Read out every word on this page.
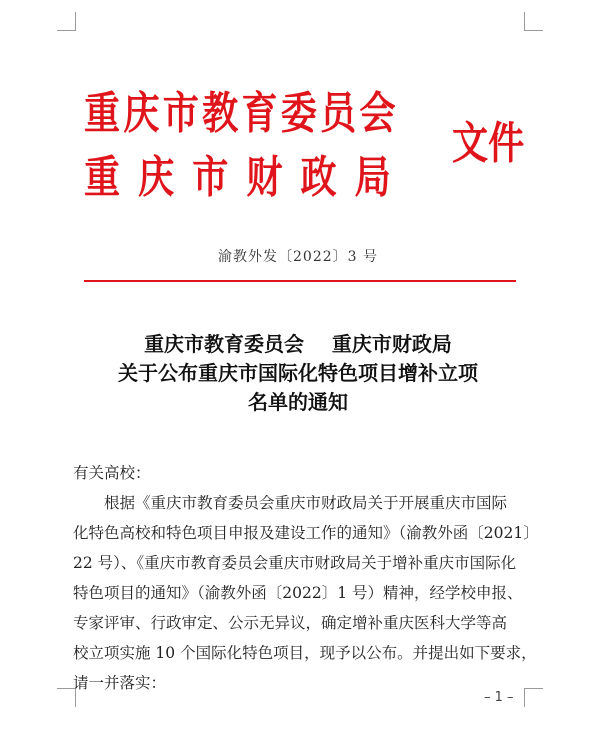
重庆市教育委员会
重庆市财政局
文件
渝教外发〔2022〕3 号
重庆市教育委员会    重庆市财政局
关于公布重庆市国际化特色项目增补立项
名单的通知

有关高校：

根据《重庆市教育委员会重庆市财政局关于开展重庆市国际

化特色高校和特色项目申报及建设工作的通知》（渝教外函〔2021〕

22 号）、《重庆市教育委员会重庆市财政局关于增补重庆市国际化

特色项目的通知》（渝教外函〔2022〕1 号）精神，经学校申报、

专家评审、行政审定、公示无异议，确定增补重庆医科大学等高

校立项实施 10 个国际化特色项目，现予以公布。并提出如下要求，

请一并落实：

– 1 –
